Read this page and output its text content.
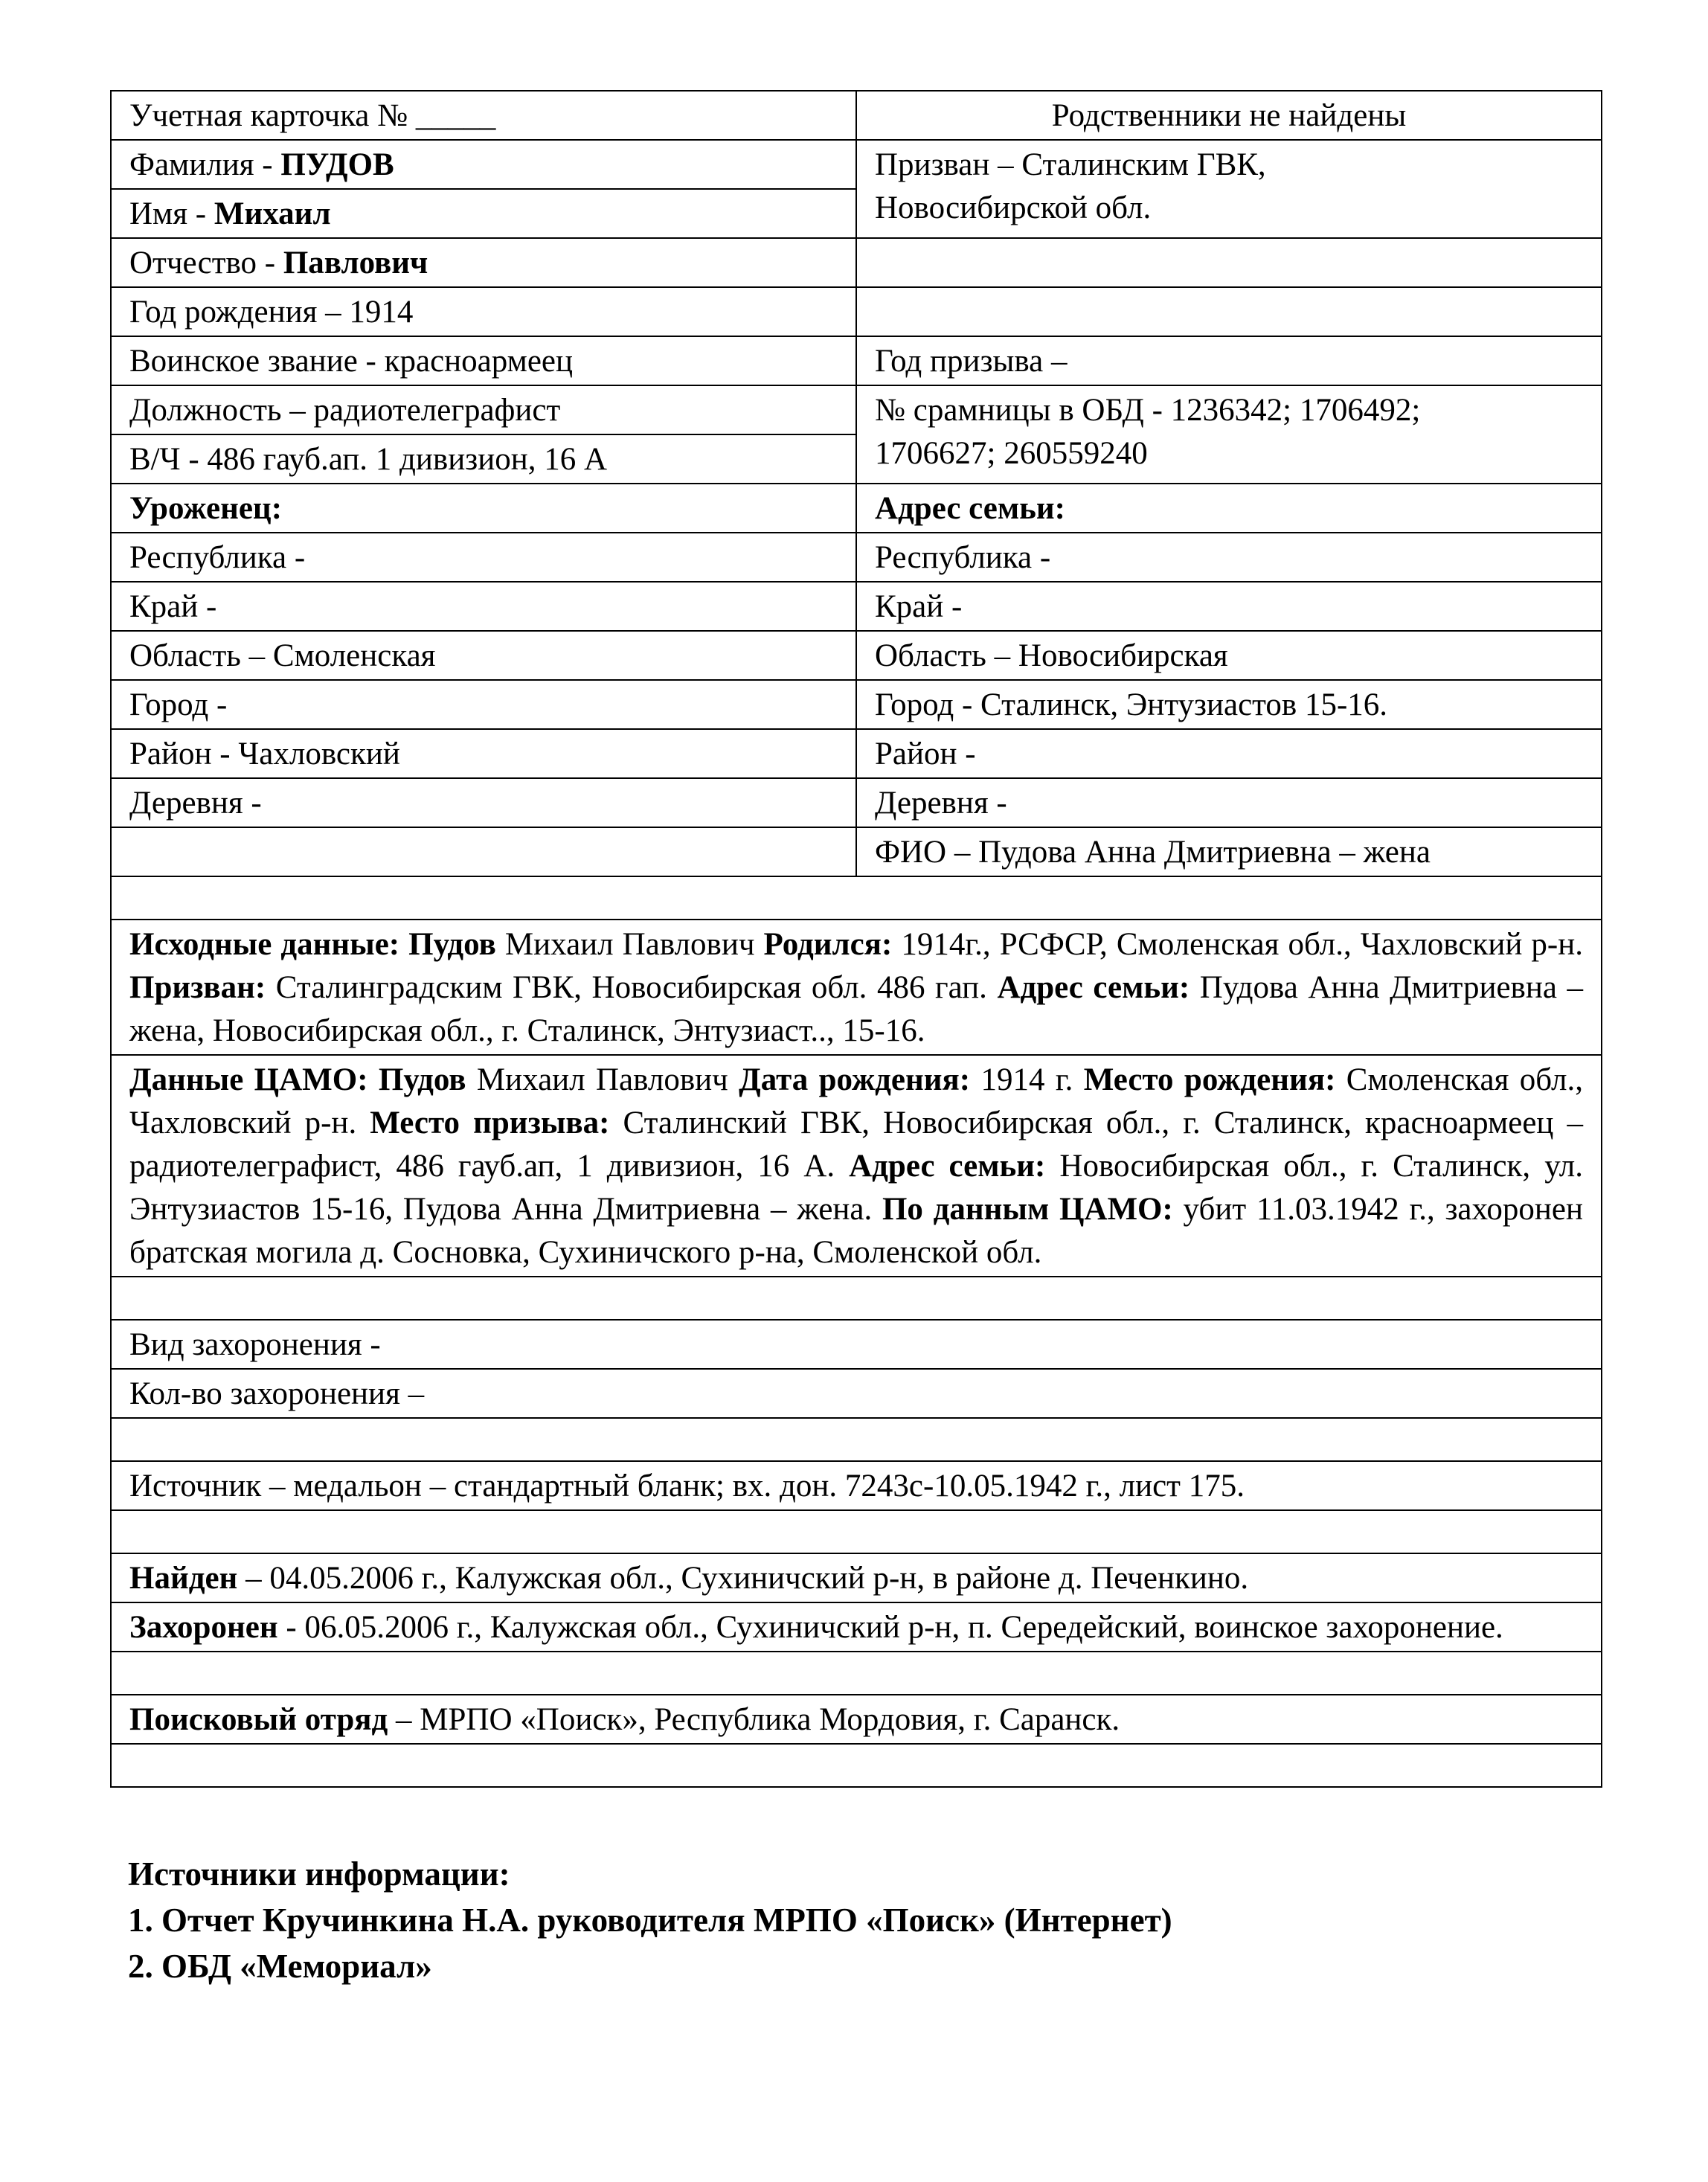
Учетная карточка № _____	Родственники не найдены
Фамилия - ПУДОВ	Призван – Сталинским ГВК,
Новосибирской обл.

Имя - Михаил	
Отчество - Павлович	
Год рождения – 1914	
Воинское звание - красноармеец	Год призыва –
Должность – радиотелеграфист	№ срамницы в ОБД - 1236342; 1706492;
1706627; 260559240

В/Ч - 486 гауб.ап. 1 дивизион, 16 А	
Уроженец:	Адрес семьи:
Республика -	Республика -
Край -	Край -
Область – Смоленская	Область – Новосибирская
Город -	Город - Сталинск, Энтузиастов 15-16.
Район - Чахловский	Район -
Деревня -	Деревня -
	ФИО – Пудова Анна Дмитриевна – жена

Исходные данные: Пудов Михаил Павлович Родился: 1914г., РСФСР, Смоленская обл., Чахловский р-н. Призван: Сталинградским ГВК, Новосибирская обл. 486 гап. Адрес семьи: Пудова Анна Дмитриевна – жена, Новосибирская обл., г. Сталинск, Энтузиаст.., 15-16.	
Данные ЦАМО: Пудов Михаил Павлович Дата рождения: 1914 г. Место рождения: Смоленская обл., Чахловский р-н. Место призыва: Сталинский ГВК, Новосибирская обл., г. Сталинск, красноармеец – радиотелеграфист, 486 гауб.ап, 1 дивизион, 16 А. Адрес семьи: Новосибирская обл., г. Сталинск, ул. Энтузиастов 15-16, Пудова Анна Дмитриевна – жена. По данным ЦАМО: убит 11.03.1942 г., захоронен братская могила д. Сосновка, Сухиничского р-на, Смоленской обл.	

Вид захоронения -	
Кол-во захоронения –	

Источник – медальон – стандартный бланк; вх. дон. 7243с-10.05.1942 г., лист 175.	

Найден – 04.05.2006 г., Калужская обл., Сухиничский р-н, в районе д. Печенкино.	
Захоронен - 06.05.2006 г., Калужская обл., Сухиничский р-н, п. Середейский, воинское захоронение.	

Поисковый отряд – МРПО «Поиск», Республика Мордовия, г. Саранск.	

Источники информации:
1. Отчет Кручинкина Н.А. руководителя МРПО «Поиск» (Интернет)
2. ОБД «Мемориал»
